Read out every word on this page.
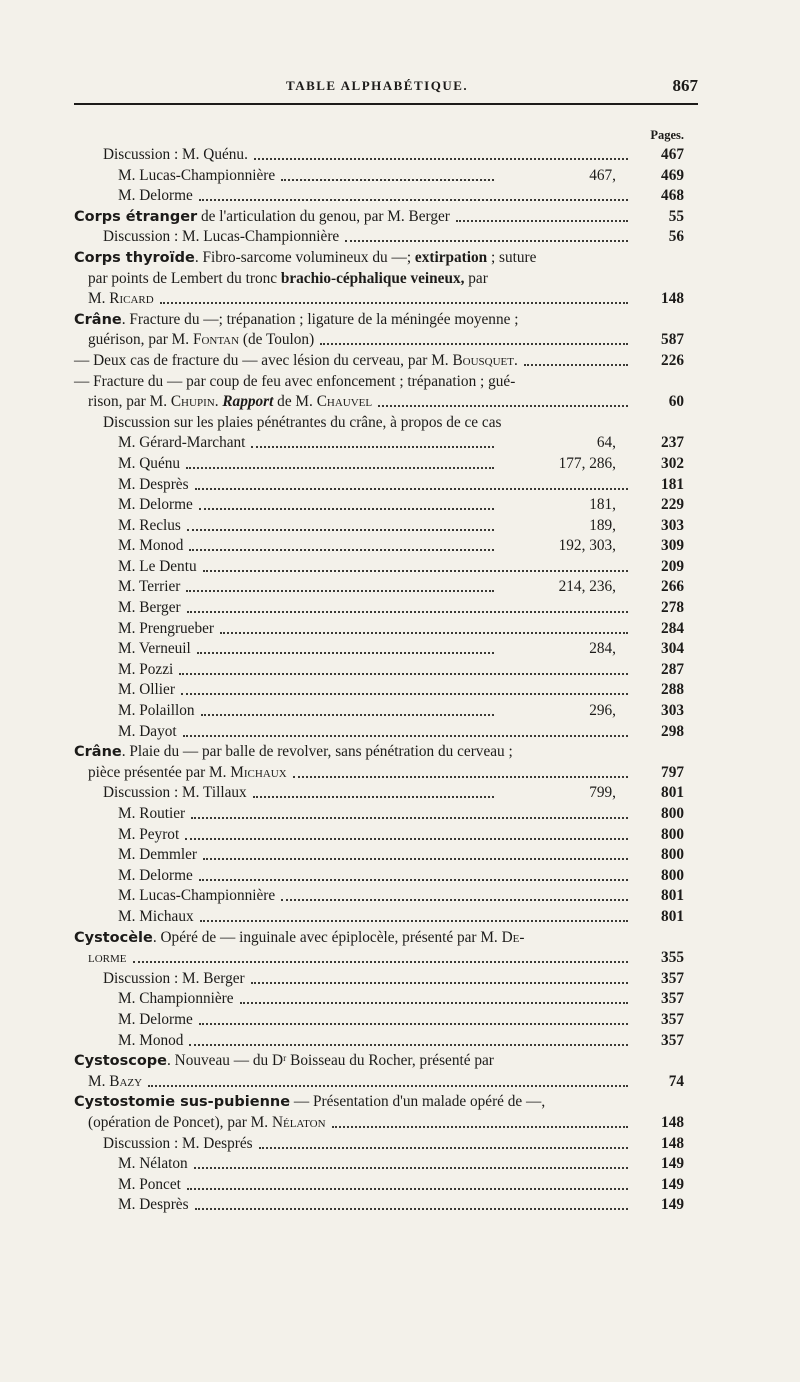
TABLE ALPHABÉTIQUE.	867
Pages.
Discussion : M. Quénu.	467
M. Lucas-Championnière	467,	469
M. Delorme	468
Corps étranger de l'articulation du genou, par M. Berger	55
Discussion : M. Lucas-Championnière	56
Corps thyroïde. Fibro-sarcome volumineux du —; extirpation ; suture
par points de Lembert du tronc brachio-céphalique veineux, par
M. Ricard	148
Crâne. Fracture du —; trépanation ; ligature de la méningée moyenne ;
guérison, par M. Fontan (de Toulon)	587
— Deux cas de fracture du — avec lésion du cerveau, par M. Bousquet.	226
— Fracture du — par coup de feu avec enfoncement ; trépanation ; gué-
rison, par M. Chupin. Rapport de M. Chauvel	60
Discussion sur les plaies pénétrantes du crâne, à propos de ce cas
M. Gérard-Marchant	64,	237
M. Quénu	177, 286,	302
M. Desprès	181
M. Delorme	181,	229
M. Reclus	189,	303
M. Monod	192, 303,	309
M. Le Dentu	209
M. Terrier	214, 236,	266
M. Berger	278
M. Prengrueber	284
M. Verneuil	284,	304
M. Pozzi	287
M. Ollier	288
M. Polaillon	296,	303
M. Dayot	298
Crâne. Plaie du — par balle de revolver, sans pénétration du cerveau ;
pièce présentée par M. Michaux	797
Discussion : M. Tillaux	799,	801
M. Routier	800
M. Peyrot	800
M. Demmler	800
M. Delorme	800
M. Lucas-Championnière	801
M. Michaux	801
Cystocèle. Opéré de — inguinale avec épiplocèle, présenté par M. De-
lorme	355
Discussion : M. Berger	357
M. Championnière	357
M. Delorme	357
M. Monod	357
Cystoscope. Nouveau — du Dʳ Boisseau du Rocher, présenté par
M. Bazy	74
Cystostomie sus-pubienne — Présentation d'un malade opéré de —,
(opération de Poncet), par M. Nélaton	148
Discussion : M. Després	148
M. Nélaton	149
M. Poncet	149
M. Desprès	149
